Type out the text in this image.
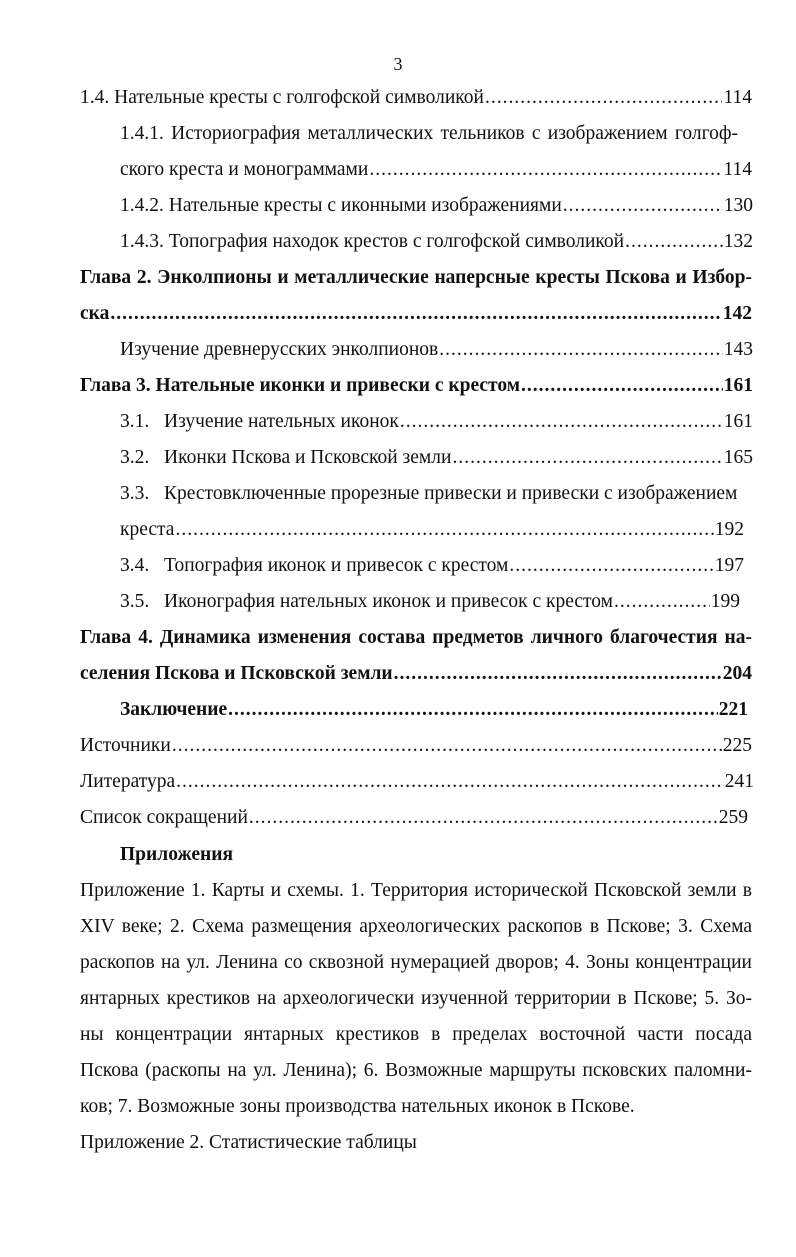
3
1.4. Нательные кресты с голгофской символикой .....	114
1.4.1. Историография металлических тельников с изображением голгоф-
ского креста и монограммами .....	114
1.4.2. Нательные кресты с иконными изображениями .....	130
1.4.3. Топография находок крестов с голгофской символикой .....	132
Глава 2. Энколпионы и металлические наперсные кресты Пскова и Избор-
ска .....	142
Изучение древнерусских энколпионов .....	143
Глава 3. Нательные иконки и привески с крестом .....	161
3.1. Изучение нательных иконок .....	161
3.2. Иконки Пскова и Псковской земли .....	165
3.3. Крестовключенные прорезные привески и привески с изображением
креста .....	192
3.4. Топография иконок и привесок с крестом .....	197
3.5. Иконография нательных иконок и привесок с крестом .....	199
Глава 4. Динамика изменения состава предметов личного благочестия на-
селения Пскова и Псковской земли .....	204
Заключение .....	221
Источники .....	225
Литература .....	241
Список сокращений .....	259
Приложения
Приложение 1. Карты и схемы. 1. Территория исторической Псковской земли в
XIV веке; 2. Схема размещения археологических раскопов в Пскове; 3. Схема
раскопов на ул. Ленина со сквозной нумерацией дворов; 4. Зоны концентрации
янтарных крестиков на археологически изученной территории в Пскове; 5. Зо-
ны концентрации янтарных крестиков в пределах восточной части посада
Пскова (раскопы на ул. Ленина); 6. Возможные маршруты псковских паломни-
ков; 7. Возможные зоны производства нательных иконок в Пскове.
Приложение 2. Статистические таблицы
